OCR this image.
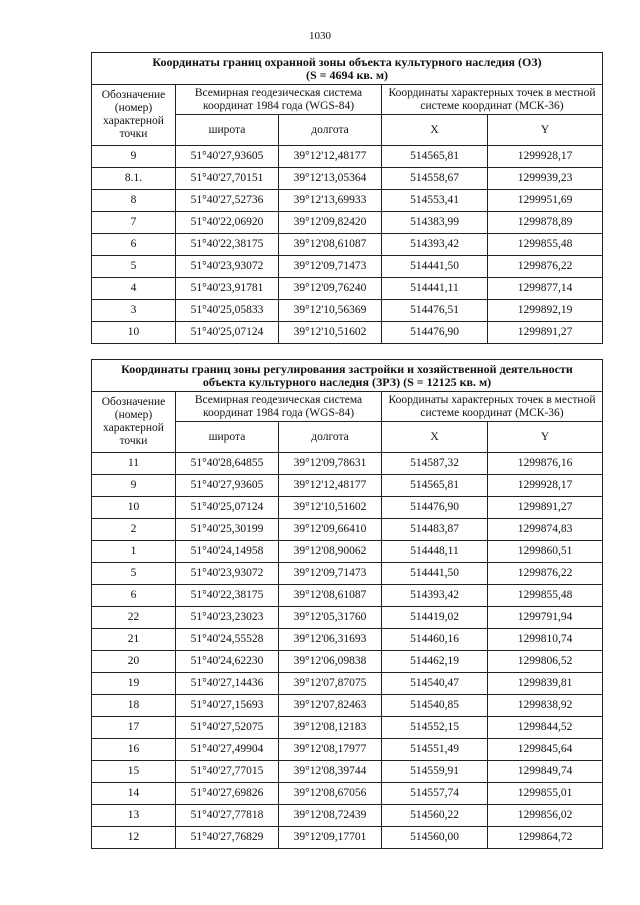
1030
Координаты границ охранной зоны объекта культурного наследия (ОЗ)
(S = 4694 кв. м)				

Обозначение (номер) характерной точки	Всемирная геодезическая система координат 1984 года (WGS-84)		Координаты характерных точек в местной системе координат (МСК-36)	
	широта	долгота	X	Y
9	51°40'27,93605	39°12'12,48177	514565,81	1299928,17
8.1.	51°40'27,70151	39°12'13,05364	514558,67	1299939,23
8	51°40'27,52736	39°12'13,69933	514553,41	1299951,69
7	51°40'22,06920	39°12'09,82420	514383,99	1299878,89
6	51°40'22,38175	39°12'08,61087	514393,42	1299855,48
5	51°40'23,93072	39°12'09,71473	514441,50	1299876,22
4	51°40'23,91781	39°12'09,76240	514441,11	1299877,14
3	51°40'25,05833	39°12'10,56369	514476,51	1299892,19
10	51°40'25,07124	39°12'10,51602	514476,90	1299891,27
Координаты границ зоны регулирования застройки и хозяйственной деятельности
объекта культурного наследия (ЗРЗ) (S = 12125 кв. м)				

Обозначение (номер) характерной точки	Всемирная геодезическая система координат 1984 года (WGS-84)		Координаты характерных точек в местной системе координат (МСК-36)	
	широта	долгота	X	Y
11	51°40'28,64855	39°12'09,78631	514587,32	1299876,16
9	51°40'27,93605	39°12'12,48177	514565,81	1299928,17
10	51°40'25,07124	39°12'10,51602	514476,90	1299891,27
2	51°40'25,30199	39°12'09,66410	514483,87	1299874,83
1	51°40'24,14958	39°12'08,90062	514448,11	1299860,51
5	51°40'23,93072	39°12'09,71473	514441,50	1299876,22
6	51°40'22,38175	39°12'08,61087	514393,42	1299855,48
22	51°40'23,23023	39°12'05,31760	514419,02	1299791,94
21	51°40'24,55528	39°12'06,31693	514460,16	1299810,74
20	51°40'24,62230	39°12'06,09838	514462,19	1299806,52
19	51°40'27,14436	39°12'07,87075	514540,47	1299839,81
18	51°40'27,15693	39°12'07,82463	514540,85	1299838,92
17	51°40'27,52075	39°12'08,12183	514552,15	1299844,52
16	51°40'27,49904	39°12'08,17977	514551,49	1299845,64
15	51°40'27,77015	39°12'08,39744	514559,91	1299849,74
14	51°40'27,69826	39°12'08,67056	514557,74	1299855,01
13	51°40'27,77818	39°12'08,72439	514560,22	1299856,02
12	51°40'27,76829	39°12'09,17701	514560,00	1299864,72
